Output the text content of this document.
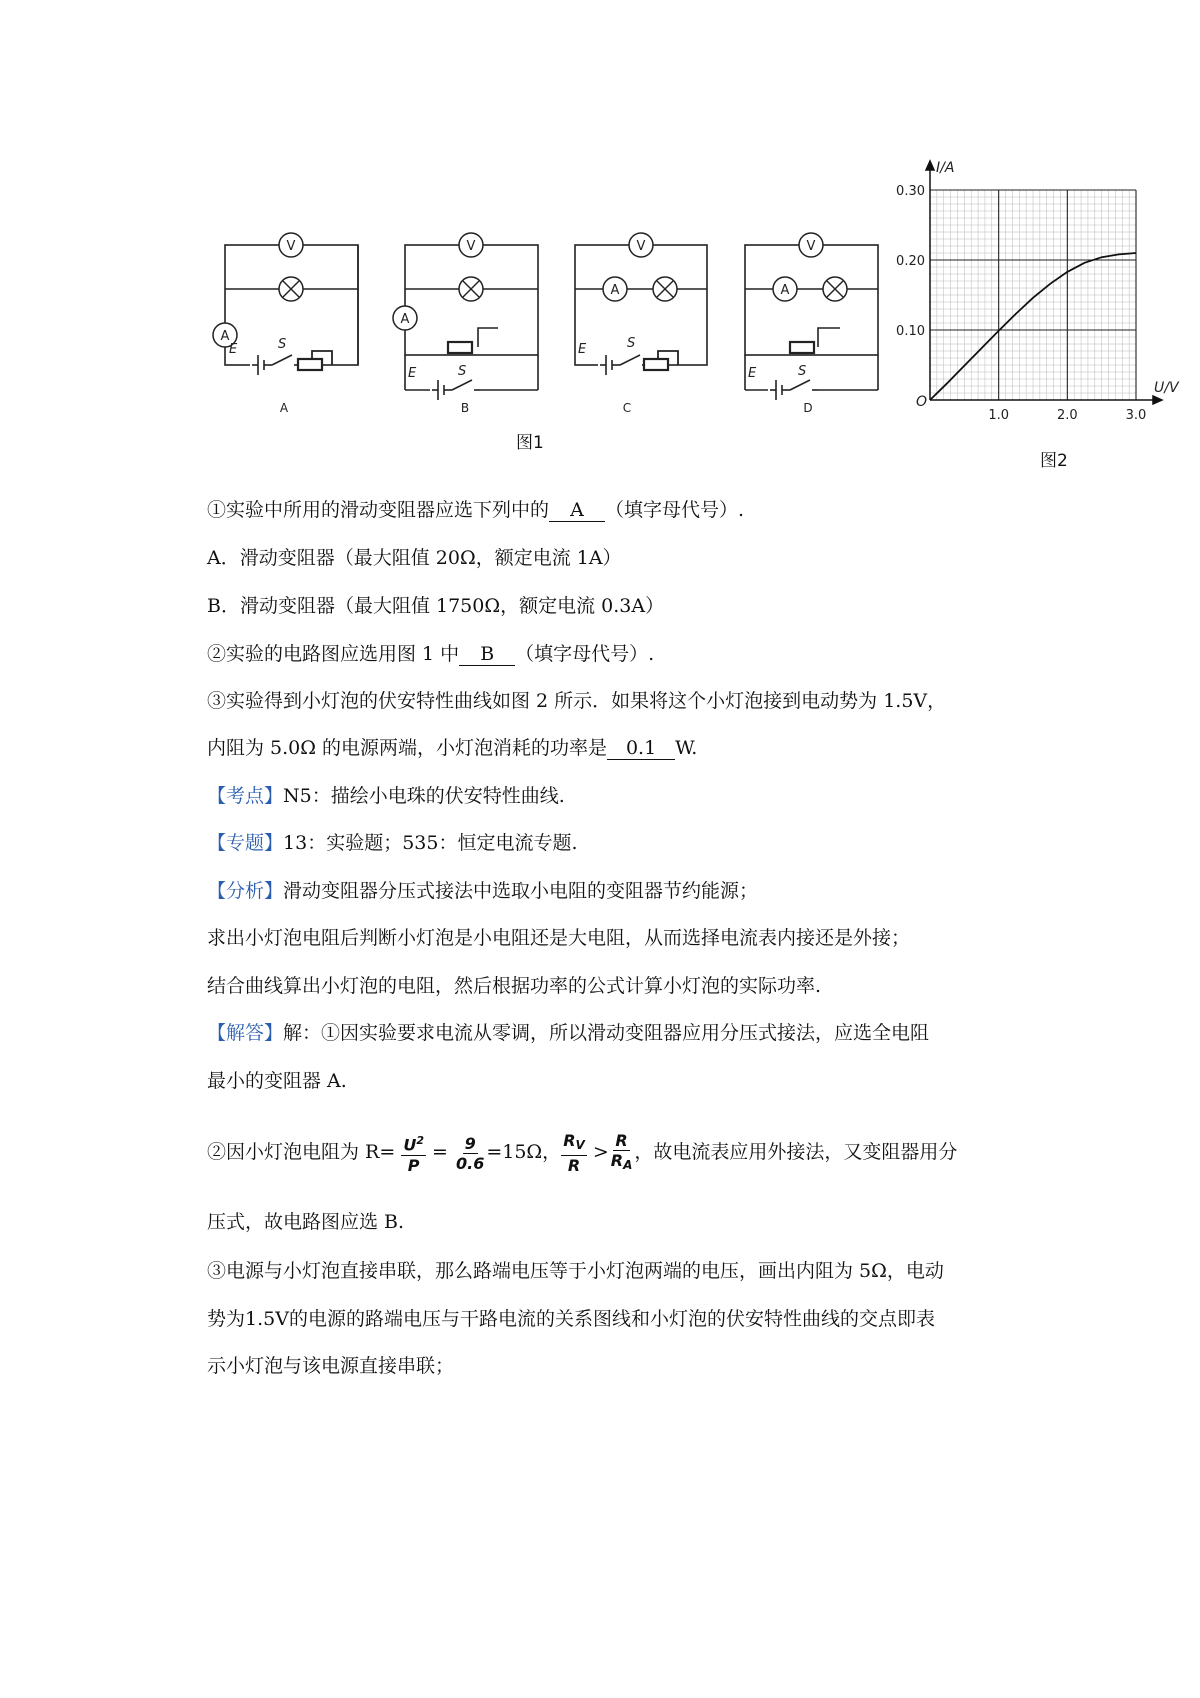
E	S
E	S
E	S
E	S
V
A
V
A
V
A
V
A
A	B	C	D
图1
1.0	2.0	3.0
0.10
0.20
0.30
I/A
U/V
O
图2
①实验中所用的滑动变阻器应选下列中的 A （填字母代号）.
A．滑动变阻器（最大阻值 20Ω，额定电流 1A）
B．滑动变阻器（最大阻值 1750Ω，额定电流 0.3A）
②实验的电路图应选用图 1 中 B （填字母代号）.
③实验得到小灯泡的伏安特性曲线如图 2 所示．如果将这个小灯泡接到电动势为 1.5V，
内阻为 5.0Ω 的电源两端，小灯泡消耗的功率是 0.1 W.
【考点】N5：描绘小电珠的伏安特性曲线.
【专题】13：实验题；535：恒定电流专题.
【分析】滑动变阻器分压式接法中选取小电阻的变阻器节约能源；
求出小灯泡电阻后判断小灯泡是小电阻还是大电阻，从而选择电流表内接还是外接；
结合曲线算出小灯泡的电阻，然后根据功率的公式计算小灯泡的实际功率.
【解答】解：①因实验要求电流从零调，所以滑动变阻器应用分压式接法，应选全电阻
最小的变阻器 A.
②因小灯泡电阻为 $R= \frac{U^2}{P} = \frac{9}{0.6} =15\Omega$， $\frac{R_V}{R} > \frac{R}{R_A}$ ，故电流表应用外接法，又变阻器用分
压式，故电路图应选 B.
③电源与小灯泡直接串联，那么路端电压等于小灯泡两端的电压，画出内阻为 5Ω，电动
势为1.5V的电源的路端电压与干路电流的关系图线和小灯泡的伏安特性曲线的交点即表
示小灯泡与该电源直接串联；
